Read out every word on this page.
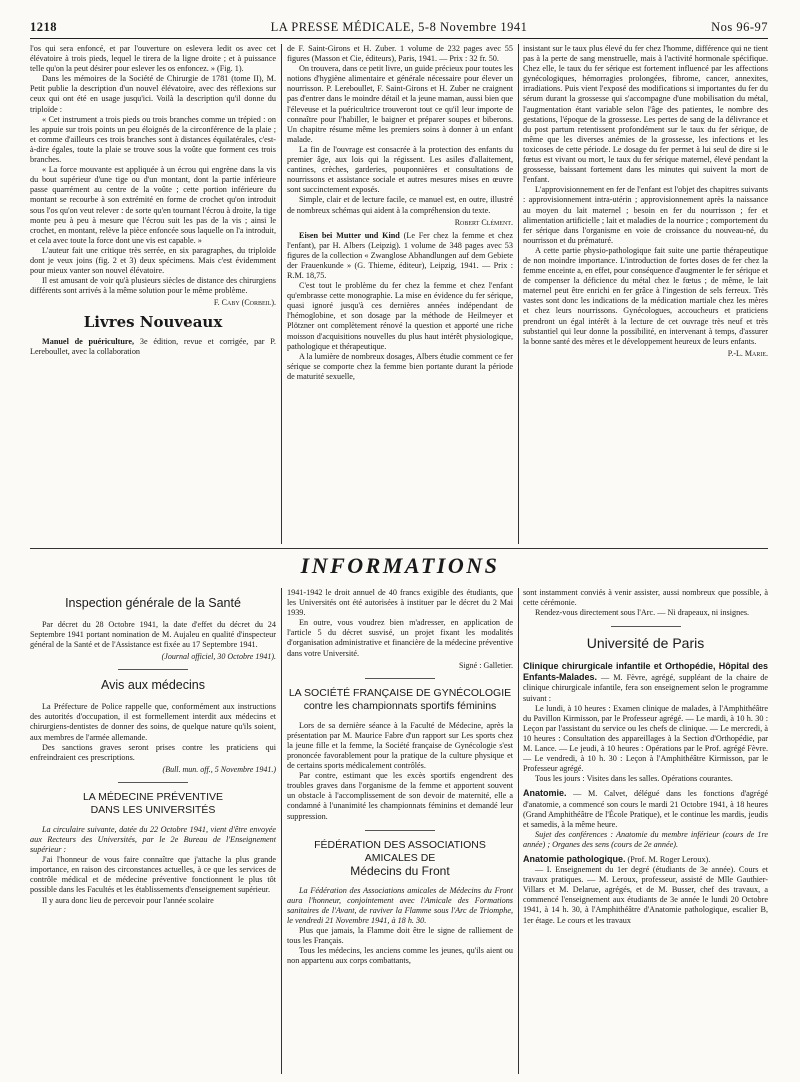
1218	LA PRESSE MÉDICALE, 5-8 Novembre 1941	Nos 96-97

l'os qui sera enfoncé, et par l'ouverture on esleverа ledit os avec cet élévatoire à trois pieds, lequel le tirera de la ligne droite ; et à puissance telle qu'on la peut désirer pour eslever les os enfoncez. » (Fig. 1).

Dans les mémoires de la Société de Chirurgie de 1781 (tome II), M. Petit publie la description d'un nouvel élévatoire, avec des réflexions sur ceux qui ont été en usage jusqu'ici. Voilà la description qu'il donne du triploïde :

« Cet instrument a trois pieds ou trois branches comme un trépied : on les appuie sur trois points un peu éloignés de la circonférence de la plaie ; et comme d'ailleurs ces trois branches sont à distances équilatérales, c'est-à-dire égales, toute la plaie se trouve sous la voûte que forment ces trois branches.

« La force mouvante est appliquée à un écrou qui engrène dans la vis du bout supérieur d'une tige ou d'un montant, dont la partie inférieure passe quarrément au centre de la voûte ; cette portion inférieure du montant se recourbe à son extrémité en forme de crochet qu'on introduit sous l'os qu'on veut relever : de sorte qu'en tournant l'écrou à droite, la tige monte peu à peu à mesure que l'écrou suit les pas de la vis ; ainsi le crochet, en montant, relève la pièce enfoncée sous laquelle on l'a introduit, et cela avec toute la force dont une vis est capable. »

L'auteur fait une critique très serrée, en six paragraphes, du triploïde dont je veux joins (fig. 2 et 3) deux spécimens. Mais c'est évidemment pour mieux vanter son nouvel élévatoire.

Il est amusant de voir qu'à plusieurs siècles de distance des chirurgiens différents sont arrivés à la même solution pour le même problème.

F. Caby (Corbeil).
Livres Nouveaux

Manuel de puériculture, 3e édition, revue et corrigée, par P. Lereboullet, avec la collaboration

de F. Saint-Girons et H. Zuber. 1 volume de 232 pages avec 55 figures (Masson et Cie, éditeurs), Paris, 1941. — Prix : 32 fr. 50.

On trouvera, dans ce petit livre, un guide précieux pour toutes les notions d'hygiène alimentaire et générale nécessaire pour élever un nourrisson. P. Lereboullet, F. Saint-Girons et H. Zuber ne craignent pas d'entrer dans le moindre détail et la jeune maman, aussi bien que l'éleveuse et la puéricultrice trouveront tout ce qu'il leur importe de connaître pour l'habiller, le baigner et préparer soupes et biberons. Un chapitre résume même les premiers soins à donner à un enfant malade.

La fin de l'ouvrage est consacrée à la protection des enfants du premier âge, aux lois qui la régissent. Les asiles d'allaitement, cantines, crèches, garderies, pouponnières et consultations de nourrissons et assistance sociale et autres mesures mises en œuvre sont succinctement exposés.

Simple, clair et de lecture facile, ce manuel est, en outre, illustré de nombreux schémas qui aident à la compréhension du texte.

Robert Clément.

Eisen bei Mutter und Kind (Le Fer chez la femme et chez l'enfant), par H. Albers (Leipzig). 1 volume de 348 pages avec 53 figures de la collection « Zwanglose Abhandlungen auf dem Gebiete der Frauenkunde » (G. Thieme, éditeur), Leipzig, 1941. — Prix : R.M. 18,75.

C'est tout le problème du fer chez la femme et chez l'enfant qu'embrasse cette monographie. La mise en évidence du fer sérique, quasi ignoré jusqu'à ces dernières années indépendant de l'hémoglobine, et son dosage par la méthode de Heilmeyer et Plötzner ont complètement rénové la question et apporté une riche moisson d'acquisitions nouvelles du plus haut intérêt physiologique, pathologique et thérapeutique.

A la lumière de nombreux dosages, Albers étudie comment ce fer sérique se comporte chez la femme bien portante durant la période de maturité sexuelle,

insistant sur le taux plus élevé du fer chez l'homme, différence qui ne tient pas à la perte de sang menstruelle, mais à l'activité hormonale spécifique. Chez elle, le taux du fer sérique est fortement influencé par les affections gynécologiques, hémorragies prolongées, fibrome, cancer, annexites, irradiations. Puis vient l'exposé des modifications si importantes du fer du sérum durant la grossesse qui s'accompagne d'une mobilisation du métal, l'augmentation étant variable selon l'âge des patientes, le nombre des gestations, l'époque de la grossesse. Les pertes de sang de la délivrance et du post partum retentissent profondément sur le taux du fer sérique, de même que les diverses anémies de la grossesse, les infections et les toxicoses de cette période. Le dosage du fer permet à lui seul de dire si le fœtus est vivant ou mort, le taux du fer sérique maternel, élevé pendant la grossesse, baissant fortement dans les minutes qui suivent la mort de l'enfant.

L'approvisionnement en fer de l'enfant est l'objet des chapitres suivants : approvisionnement intra-utérin ; approvisionnement après la naissance au moyen du lait maternel ; besoin en fer du nourrisson ; fer et alimentation artificielle ; lait et maladies de la nourrice ; comportement du fer sérique dans l'organisme en voie de croissance du nouveau-né, du nourrisson et du prématuré.

A cette partie physio-pathologique fait suite une partie thérapeutique de non moindre importance. L'introduction de fortes doses de fer chez la femme enceinte a, en effet, pour conséquence d'augmenter le fer sérique et de compenser la déficience du métal chez le fœtus ; de même, le lait maternel peut être enrichi en fer grâce à l'ingestion de sels ferreux. Très vastes sont donc les indications de la médication martiale chez les mères et chez leurs nourrissons. Gynécologues, accoucheurs et praticiens prendront un égal intérêt à la lecture de cet ouvrage très neuf et très substantiel qui leur donne la possibilité, en intervenant à temps, d'assurer la bonne santé des mères et le développement heureux de leurs enfants.

P.-L. Marie.
INFORMATIONS
Inspection générale de la Santé

Par décret du 28 Octobre 1941, la date d'effet du décret du 24 Septembre 1941 portant nomination de M. Aujaleu en qualité d'inspecteur général de la Santé et de l'Assistance est fixée au 17 Septembre 1941.

(Journal officiel, 30 Octobre 1941).
Avis aux médecins

La Préfecture de Police rappelle que, conformément aux instructions des autorités d'occupation, il est formellement interdit aux médecins et chirurgiens-dentistes de donner des soins, de quelque nature qu'ils soient, aux membres de l'armée allemande.

Des sanctions graves seront prises contre les praticiens qui enfreindraient ces prescriptions.

(Bull. mun. off., 5 Novembre 1941.)
LA MÉDECINE PRÉVENTIVE
DANS LES UNIVERSITÉS

La circulaire suivante, datée du 22 Octobre 1941, vient d'être envoyée aux Recteurs des Universités, par le 2e Bureau de l'Enseignement supérieur :

J'ai l'honneur de vous faire connaître que j'attache la plus grande importance, en raison des circonstances actuelles, à ce que les services de contrôle médical et de médecine préventive fonctionnent le plus tôt possible dans les Facultés et les établissements d'enseignement supérieur.

Il y aura donc lieu de percevoir pour l'année scolaire

1941-1942 le droit annuel de 40 francs exigible des étudiants, que les Universités ont été autorisées à instituer par le décret du 2 Mai 1939.

En outre, vous voudrez bien m'adresser, en application de l'article 5 du décret susvisé, un projet fixant les modalités d'organisation administrative et financière de la médecine préventive dans votre Université.

Signé : Galletier.
LA SOCIÉTÉ FRANÇAISE DE GYNÉCOLOGIE
contre les championnats sportifs féminins

Lors de sa dernière séance à la Faculté de Médecine, après la présentation par M. Maurice Fabre d'un rapport sur Les sports chez la jeune fille et la femme, la Société française de Gynécologie s'est prononcée favorablement pour la pratique de la culture physique et de certains sports médicalement contrôlés.

Par contre, estimant que les excès sportifs engendrent des troubles graves dans l'organisme de la femme et apportent souvent un obstacle à l'accomplissement de son devoir de maternité, elle a condamné à l'unanimité les championnats féminins et demandé leur suppression.

FÉDÉRATION DES ASSOCIATIONS AMICALES DE
Médecins du Front

La Fédération des Associations amicales de Médecins du Front aura l'honneur, conjointement avec l'Amicale des Formations sanitaires de l'Avant, de raviver la Flamme sous l'Arc de Triomphe, le vendredi 21 Novembre 1941, à 18 h. 30.

Plus que jamais, la Flamme doit être le signe de ralliement de tous les Français.

Tous les médecins, les anciens comme les jeunes, qu'ils aient ou non appartenu aux corps combattants,

sont instamment conviés à venir assister, aussi nombreux que possible, à cette cérémonie.

Rendez-vous directement sous l'Arc. — Ni drapeaux, ni insignes.

Université de Paris

Clinique chirurgicale infantile et Orthopédie, Hôpital des Enfants-Malades. — M. Fèvre, agrégé, suppléant de la chaire de clinique chirurgicale infantile, fera son enseignement selon le programme suivant :

Le lundi, à 10 heures : Examen clinique de malades, à l'Amphithéâtre du Pavillon Kirmisson, par le Professeur agrégé. — Le mardi, à 10 h. 30 : Leçon par l'assistant du service ou les chefs de clinique. — Le mercredi, à 10 heures : Consultation des appareillages à la Section d'Orthopédie, par M. Lance. — Le jeudi, à 10 heures : Opérations par le Prof. agrégé Fèvre. — Le vendredi, à 10 h. 30 : Leçon à l'Amphithéâtre Kirmisson, par le Professeur agrégé.

Tous les jours : Visites dans les salles. Opérations courantes.

Anatomie. — M. Calvet, délégué dans les fonctions d'agrégé d'anatomie, a commencé son cours le mardi 21 Octobre 1941, à 18 heures (Grand Amphithéâtre de l'École Pratique), et le continue les mardis, jeudis et samedis, à la même heure.

Sujet des conférences : Anatomie du membre inférieur (cours de 1re année) ; Organes des sens (cours de 2e année).

Anatomie pathologique. (Prof. M. Roger Leroux).

— I. Enseignement du 1er degré (étudiants de 3e année). Cours et travaux pratiques. — M. Leroux, professeur, assisté de Mlle Gauthier-Villars et M. Delarue, agrégés, et de M. Busser, chef des travaux, a commencé l'enseignement aux étudiants de 3e année le lundi 20 Octobre 1941, à 14 h. 30, à l'Amphithéâtre d'Anatomie pathologique, escalier B, 1er étage. Le cours et les travaux
